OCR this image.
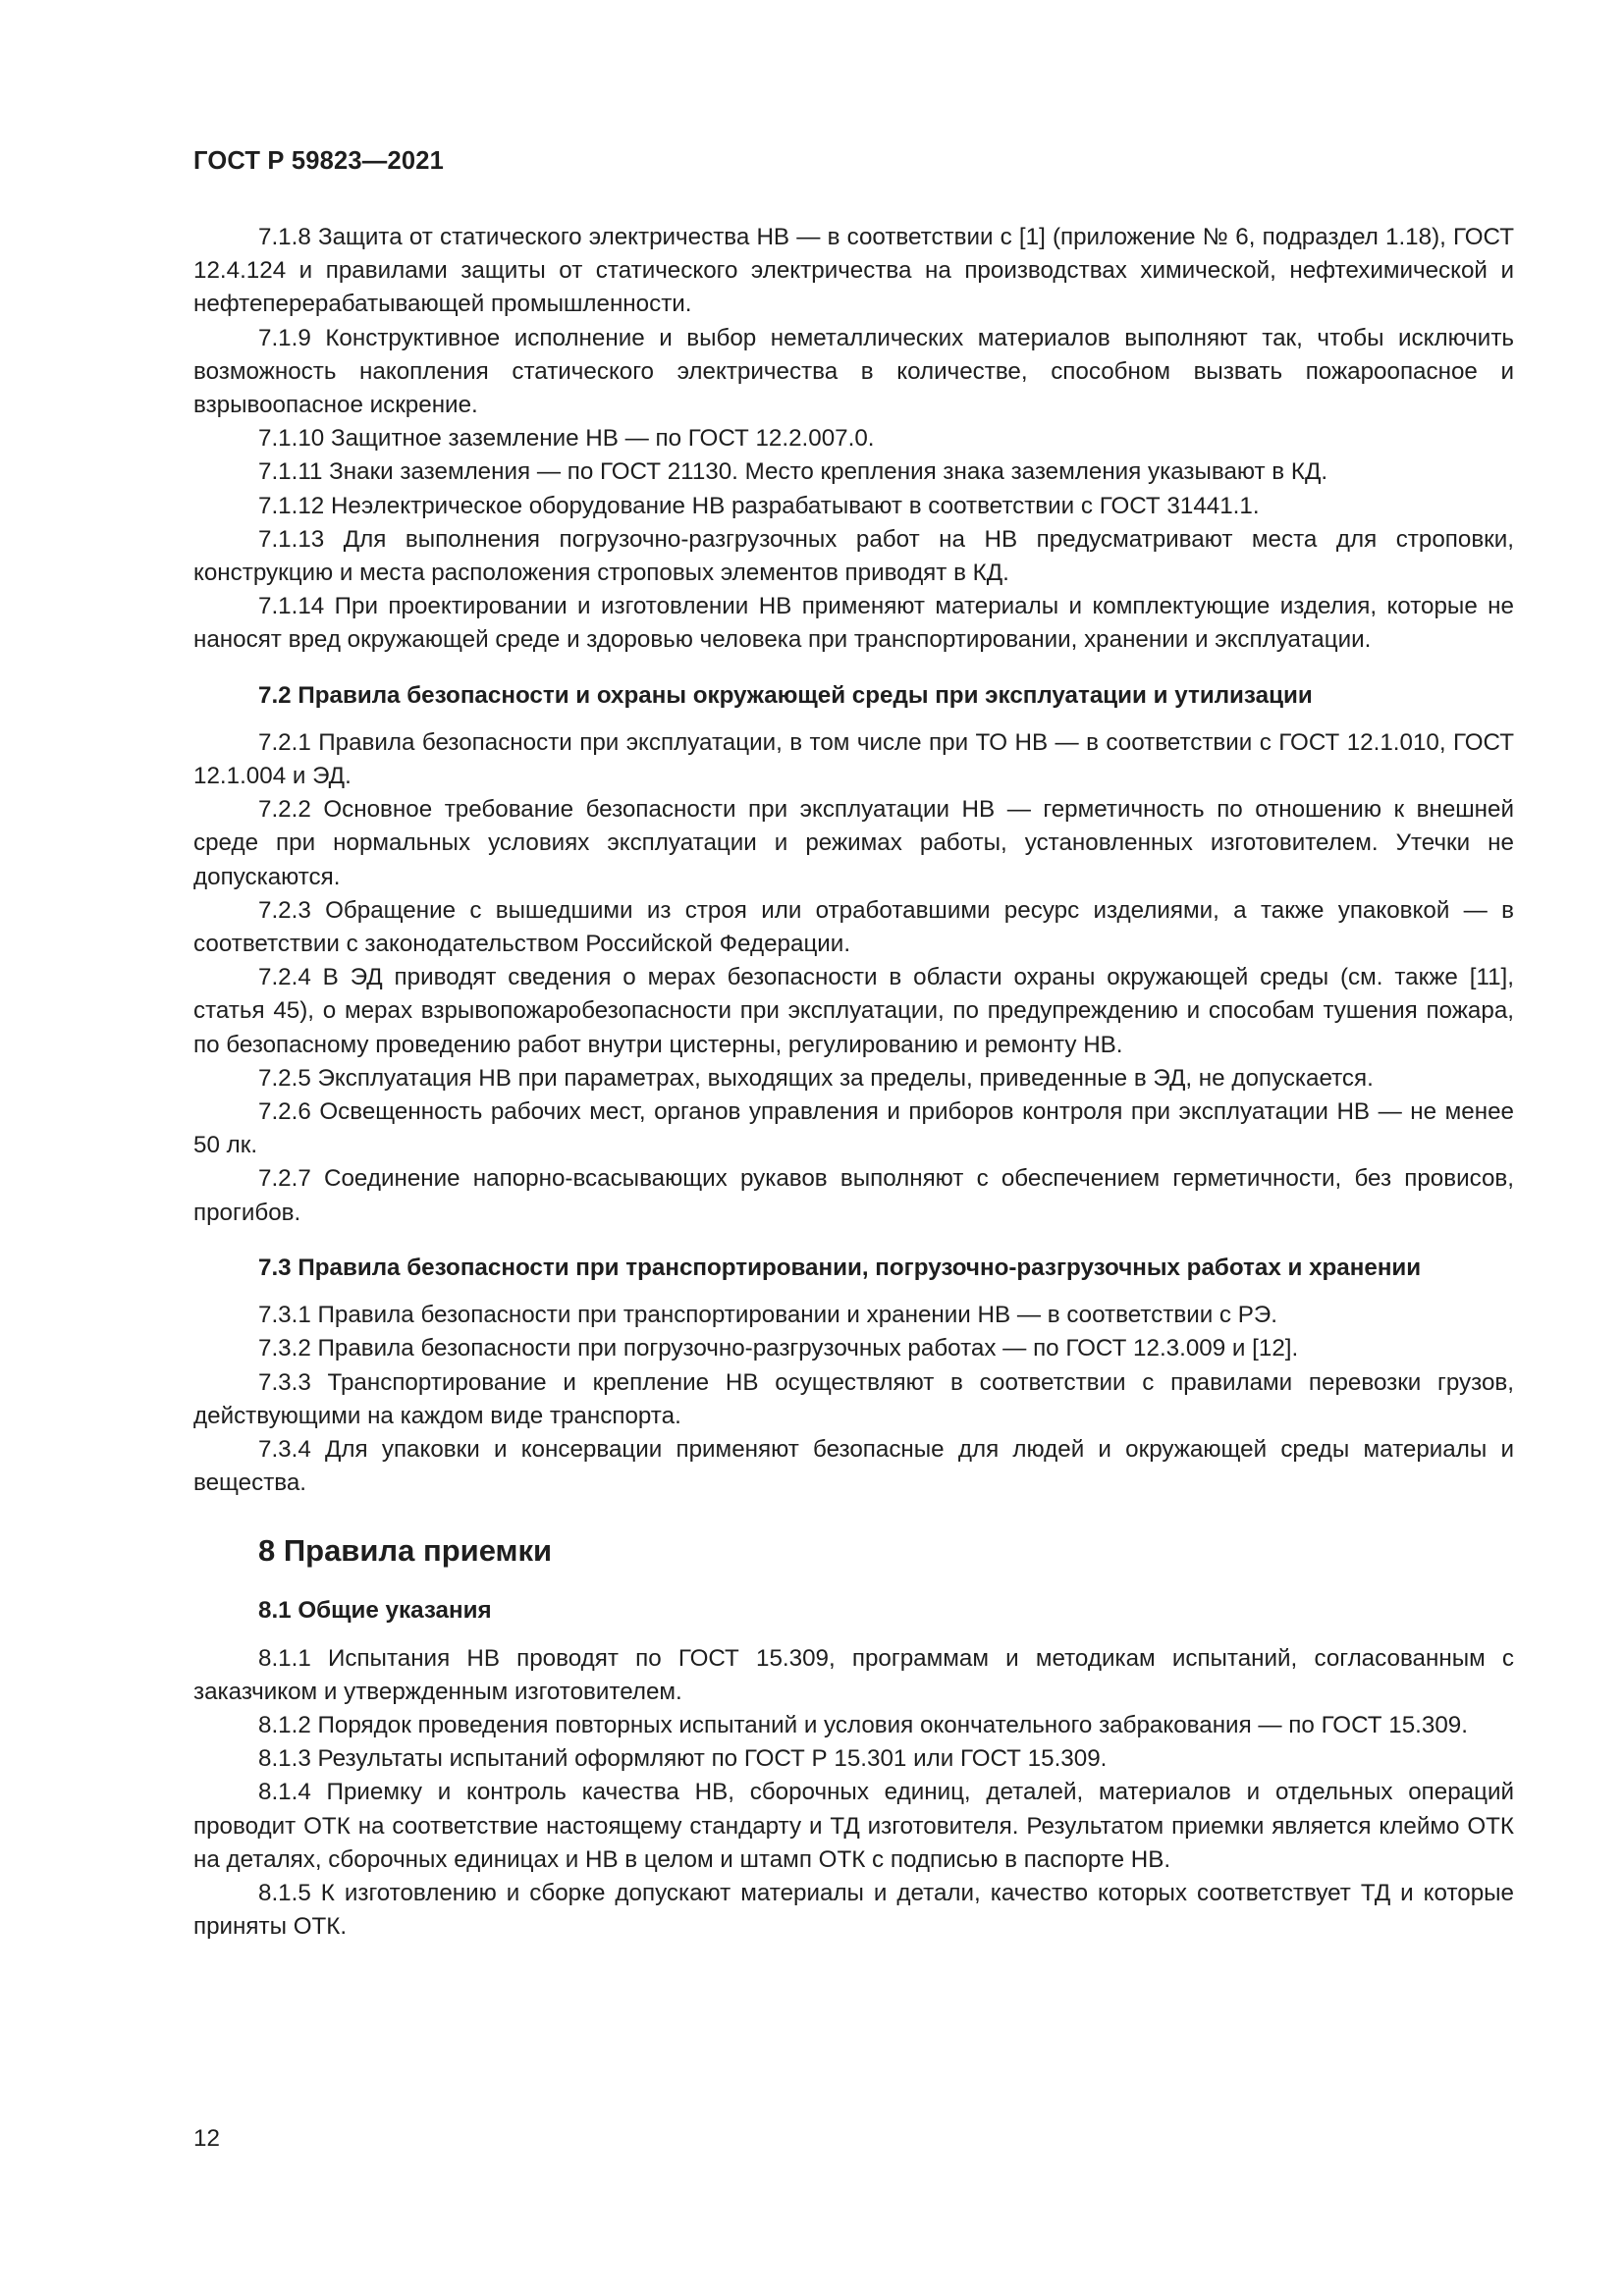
ГОСТ Р 59823—2021

7.1.8 Защита от статического электричества НВ — в соответствии с [1] (приложение № 6, подраздел 1.18), ГОСТ 12.4.124 и правилами защиты от статического электричества на производствах химической, нефтехимической и нефтеперерабатывающей промышленности.

7.1.9 Конструктивное исполнение и выбор неметаллических материалов выполняют так, чтобы исключить возможность накопления статического электричества в количестве, способном вызвать пожароопасное и взрывоопасное искрение.

7.1.10 Защитное заземление НВ — по ГОСТ 12.2.007.0.

7.1.11 Знаки заземления — по ГОСТ 21130. Место крепления знака заземления указывают в КД.

7.1.12 Неэлектрическое оборудование НВ разрабатывают в соответствии с ГОСТ 31441.1.

7.1.13 Для выполнения погрузочно-разгрузочных работ на НВ предусматривают места для строповки, конструкцию и места расположения строповых элементов приводят в КД.

7.1.14 При проектировании и изготовлении НВ применяют материалы и комплектующие изделия, которые не наносят вред окружающей среде и здоровью человека при транспортировании, хранении и эксплуатации.

7.2 Правила безопасности и охраны окружающей среды при эксплуатации и утилизации

7.2.1 Правила безопасности при эксплуатации, в том числе при ТО НВ — в соответствии с ГОСТ 12.1.010, ГОСТ 12.1.004 и ЭД.

7.2.2 Основное требование безопасности при эксплуатации НВ — герметичность по отношению к внешней среде при нормальных условиях эксплуатации и режимах работы, установленных изготовителем. Утечки не допускаются.

7.2.3 Обращение с вышедшими из строя или отработавшими ресурс изделиями, а также упаковкой — в соответствии с законодательством Российской Федерации.

7.2.4 В ЭД приводят сведения о мерах безопасности в области охраны окружающей среды (см. также [11], статья 45), о мерах взрывопожаробезопасности при эксплуатации, по предупреждению и способам тушения пожара, по безопасному проведению работ внутри цистерны, регулированию и ремонту НВ.

7.2.5 Эксплуатация НВ при параметрах, выходящих за пределы, приведенные в ЭД, не допускается.

7.2.6 Освещенность рабочих мест, органов управления и приборов контроля при эксплуатации НВ — не менее 50 лк.

7.2.7 Соединение напорно-всасывающих рукавов выполняют с обеспечением герметичности, без провисов, прогибов.

7.3 Правила безопасности при транспортировании, погрузочно-разгрузочных работах и хранении

7.3.1 Правила безопасности при транспортировании и хранении НВ — в соответствии с РЭ.

7.3.2 Правила безопасности при погрузочно-разгрузочных работах — по ГОСТ 12.3.009 и [12].

7.3.3 Транспортирование и крепление НВ осуществляют в соответствии с правилами перевозки грузов, действующими на каждом виде транспорта.

7.3.4 Для упаковки и консервации применяют безопасные для людей и окружающей среды материалы и вещества.

8 Правила приемки
8.1 Общие указания

8.1.1 Испытания НВ проводят по ГОСТ 15.309, программам и методикам испытаний, согласованным с заказчиком и утвержденным изготовителем.

8.1.2 Порядок проведения повторных испытаний и условия окончательного забракования — по ГОСТ 15.309.

8.1.3 Результаты испытаний оформляют по ГОСТ Р 15.301 или ГОСТ 15.309.

8.1.4 Приемку и контроль качества НВ, сборочных единиц, деталей, материалов и отдельных операций проводит ОТК на соответствие настоящему стандарту и ТД изготовителя. Результатом приемки является клеймо ОТК на деталях, сборочных единицах и НВ в целом и штамп ОТК с подписью в паспорте НВ.

8.1.5 К изготовлению и сборке допускают материалы и детали, качество которых соответствует ТД и которые приняты ОТК.

12
